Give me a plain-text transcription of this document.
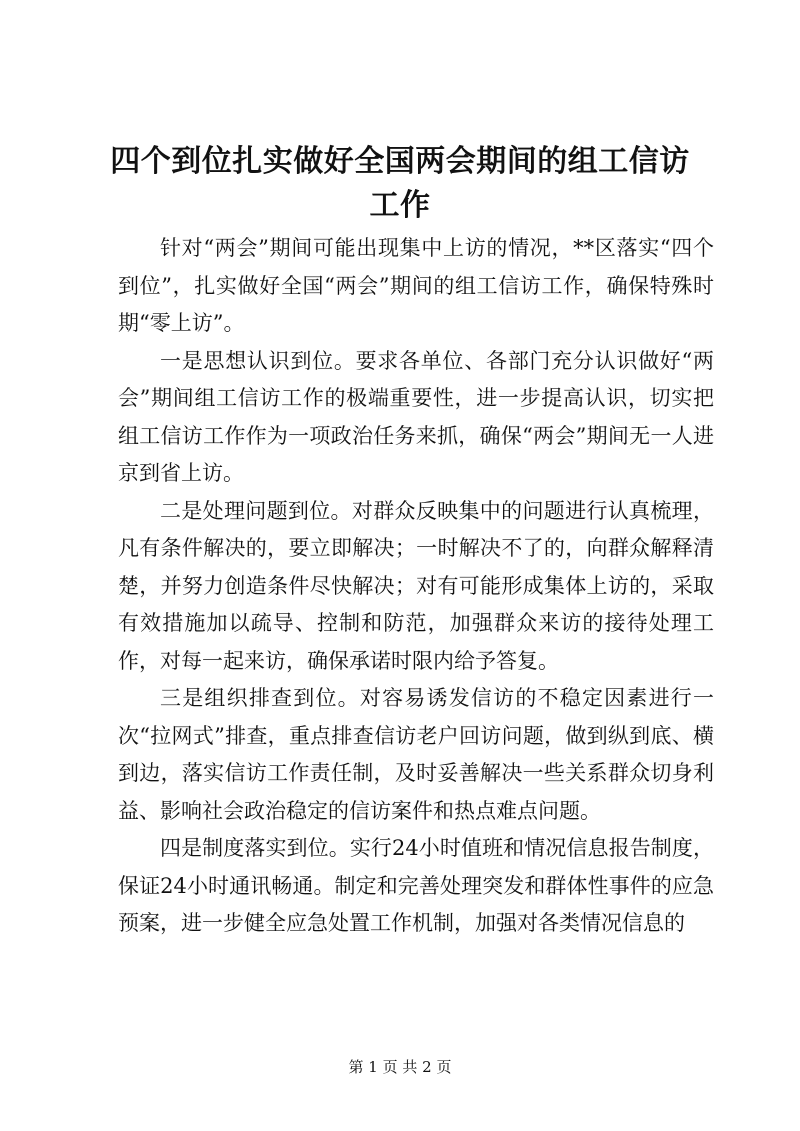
四个到位扎实做好全国两会期间的组工信访工作

针对“两会”期间可能出现集中上访的情况，**区落实“四个到位”，扎实做好全国“两会”期间的组工信访工作，确保特殊时期“零上访”。

一是思想认识到位。要求各单位、各部门充分认识做好“两会”期间组工信访工作的极端重要性，进一步提高认识，切实把组工信访工作作为一项政治任务来抓，确保“两会”期间无一人进京到省上访。

二是处理问题到位。对群众反映集中的问题进行认真梳理，凡有条件解决的，要立即解决；一时解决不了的，向群众解释清楚，并努力创造条件尽快解决；对有可能形成集体上访的，采取有效措施加以疏导、控制和防范，加强群众来访的接待处理工作，对每一起来访，确保承诺时限内给予答复。

三是组织排查到位。对容易诱发信访的不稳定因素进行一次“拉网式”排查，重点排查信访老户回访问题，做到纵到底、横到边，落实信访工作责任制，及时妥善解决一些关系群众切身利益、影响社会政治稳定的信访案件和热点难点问题。

四是制度落实到位。实行24小时值班和情况信息报告制度，保证24小时通讯畅通。制定和完善处理突发和群体性事件的应急预案，进一步健全应急处置工作机制，加强对各类情况信息的

第 1 页 共 2 页
